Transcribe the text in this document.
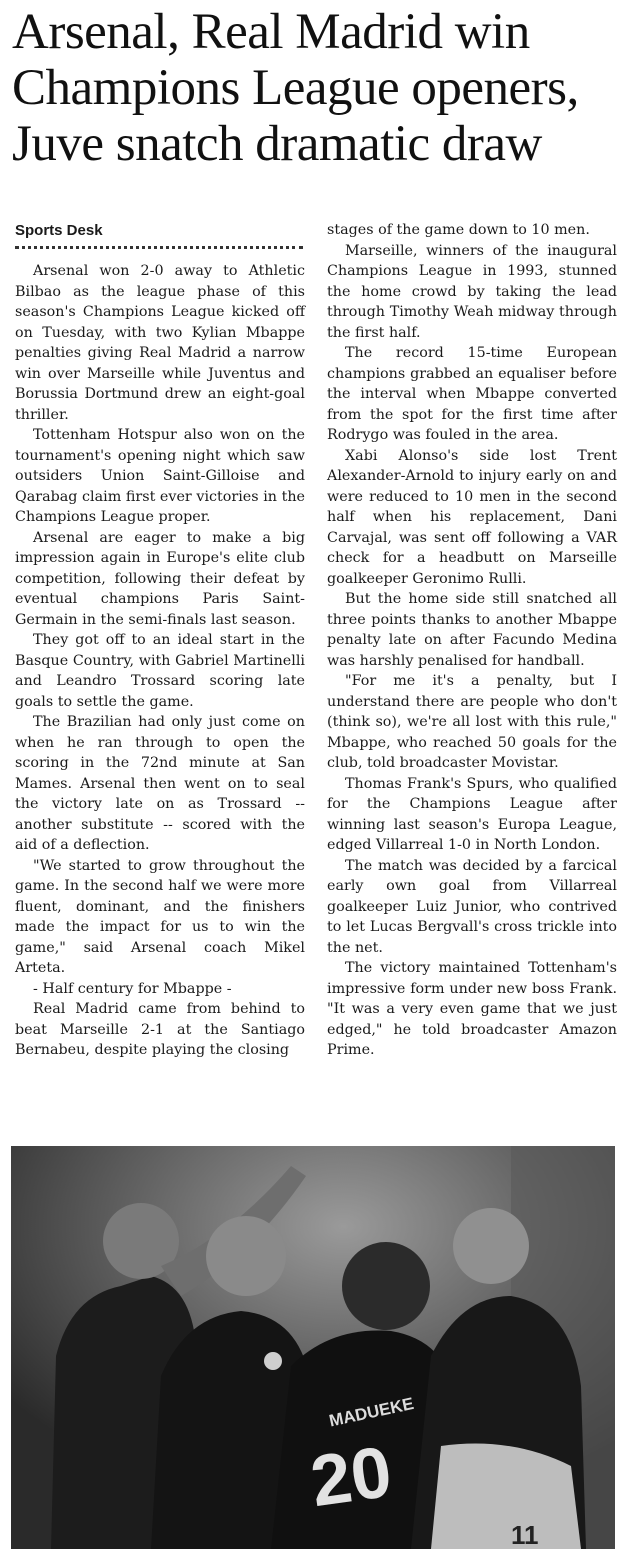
Arsenal, Real Madrid win
Champions League openers,
Juve snatch dramatic draw
Sports Desk

Arsenal won 2-0 away to Athletic Bilbao as the league phase of this season's Champions League kicked off on Tuesday, with two Kylian Mbappe penalties giving Real Madrid a narrow win over Marseille while Juventus and Borussia Dortmund drew an eight-goal thriller.

Tottenham Hotspur also won on the tournament's opening night which saw outsiders Union Saint-Gilloise and Qarabag claim first ever victories in the Champions League proper.

Arsenal are eager to make a big impression again in Europe's elite club competition, following their defeat by eventual champions Paris Saint-Germain in the semi-finals last season.

They got off to an ideal start in the Basque Country, with Gabriel Martinelli and Leandro Trossard scoring late goals to settle the game.

The Brazilian had only just come on when he ran through to open the scoring in the 72nd minute at San Mames. Arsenal then went on to seal the victory late on as Trossard -- another substitute -- scored with the aid of a deflection.

"We started to grow throughout the game. In the second half we were more fluent, dominant, and the finishers made the impact for us to win the game," said Arsenal coach Mikel Arteta.

- Half century for Mbappe -

Real Madrid came from behind to beat Marseille 2-1 at the Santiago Bernabeu, despite playing the closing

stages of the game down to 10 men.

Marseille, winners of the inaugural Champions League in 1993, stunned the home crowd by taking the lead through Timothy Weah midway through the first half.

The record 15-time European champions grabbed an equaliser before the interval when Mbappe converted from the spot for the first time after Rodrygo was fouled in the area.

Xabi Alonso's side lost Trent Alexander-Arnold to injury early on and were reduced to 10 men in the second half when his replacement, Dani Carvajal, was sent off following a VAR check for a headbutt on Marseille goalkeeper Geronimo Rulli.

But the home side still snatched all three points thanks to another Mbappe penalty late on after Facundo Medina was harshly penalised for handball.

"For me it's a penalty, but I understand there are people who don't (think so), we're all lost with this rule," Mbappe, who reached 50 goals for the club, told broadcaster Movistar.

Thomas Frank's Spurs, who qualified for the Champions League after winning last season's Europa League, edged Villarreal 1-0 in North London.

The match was decided by a farcical early own goal from Villarreal goalkeeper Luiz Junior, who contrived to let Lucas Bergvall's cross trickle into the net.

The victory maintained Tottenham's impressive form under new boss Frank. "It was a very even game that we just edged," he told broadcaster Amazon Prime.

MADUEKE
20
11
